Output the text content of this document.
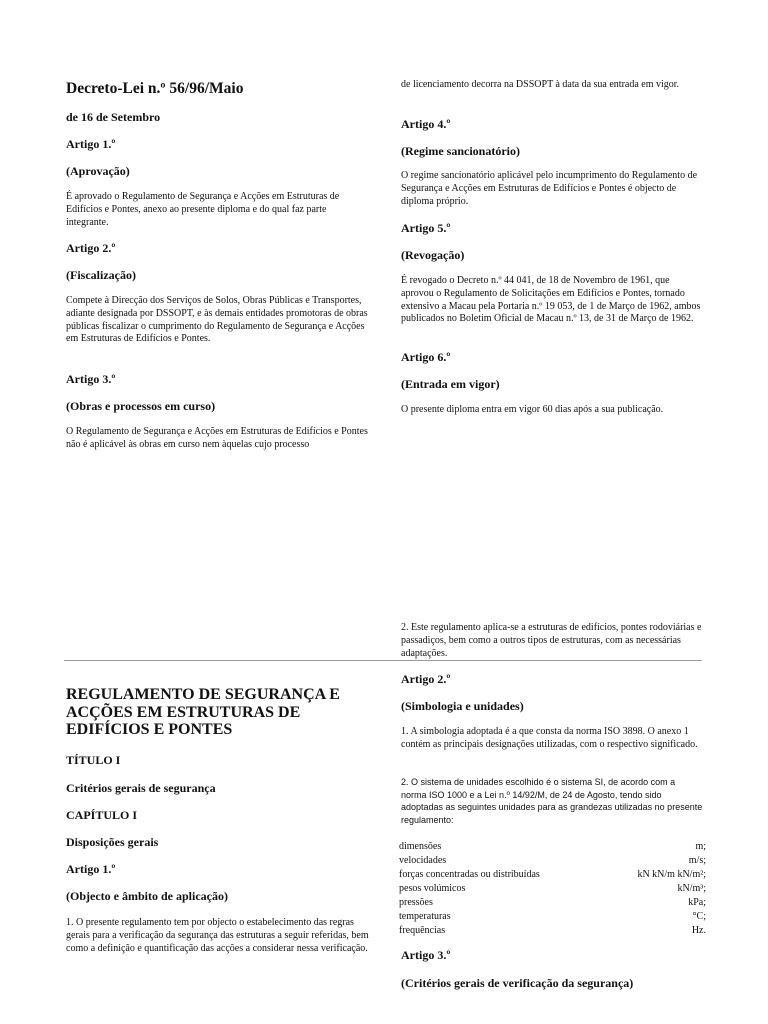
Decreto-Lei n.º 56/96/Maio
de 16 de Setembro
Artigo 1.º
(Aprovação)
É aprovado o Regulamento de Segurança e Acções em Estruturas de Edifícios e Pontes, anexo ao presente diploma e do qual faz parte integrante.
Artigo 2.º
(Fiscalização)
Compete à Direcção dos Serviços de Solos, Obras Públicas e Transportes, adiante designada por DSSOPT, e às demais entidades promotoras de obras públicas fiscalizar o cumprimento do Regulamento de Segurança e Acções em Estruturas de Edifícios e Pontes.
Artigo 3.º
(Obras e processos em curso)
O Regulamento de Segurança e Acções em Estruturas de Edifícios e Pontes não é aplicável às obras em curso nem àquelas cujo processo
de licenciamento decorra na DSSOPT à data da sua entrada em vigor.
Artigo 4.º
(Regime sancionatório)
O regime sancionatório aplicável pelo incumprimento do Regulamento de Segurança e Acções em Estruturas de Edifícios e Pontes é objecto de diploma próprio.
Artigo 5.º
(Revogação)
É revogado o Decreto n.º 44 041, de 18 de Novembro de 1961, que aprovou o Regulamento de Solicitações em Edifícios e Pontes, tornado extensivo a Macau pela Portaria n.º 19 053, de 1 de Março de 1962, ambos publicados no Boletim Oficial de Macau n.º 13, de 31 de Março de 1962.
Artigo 6.º
(Entrada em vigor)
O presente diploma entra em vigor 60 dias após a sua publicação.
2. Este regulamento aplica-se a estruturas de edifícios, pontes rodoviárias e passadiços, bem como a outros tipos de estruturas, com as necessárias adaptações.
REGULAMENTO DE SEGURANÇA E ACÇÕES EM ESTRUTURAS DE EDIFÍCIOS E PONTES
TÍTULO I
Critérios gerais de segurança
CAPÍTULO I
Disposições gerais
Artigo 1.º
(Objecto e âmbito de aplicação)
1. O presente regulamento tem por objecto o estabelecimento das regras gerais para a verificação da segurança das estruturas a seguir referidas, bem como a definição e quantificação das acções a considerar nessa verificação.
Artigo 2.º
(Simbologia e unidades)
1. A simbologia adoptada é a que consta da norma ISO 3898. O anexo 1 contém as principais designações utilizadas, com o respectivo significado.
2. O sistema de unidades escolhido é o sistema SI, de acordo com a norma ISO 1000 e a Lei n.º 14/92/M, de 24 de Agosto, tendo sido adoptadas as seguintes unidades para as grandezas utilizadas no presente regulamento:
dimensões	m;
velocidades	m/s;
forças concentradas ou distribuídas	kN kN/m kN/m²;
pesos volúmicos	kN/m³;
pressões	kPa;
temperaturas	°C;
frequências	Hz.
Artigo 3.º
(Critérios gerais de verificação da segurança)
